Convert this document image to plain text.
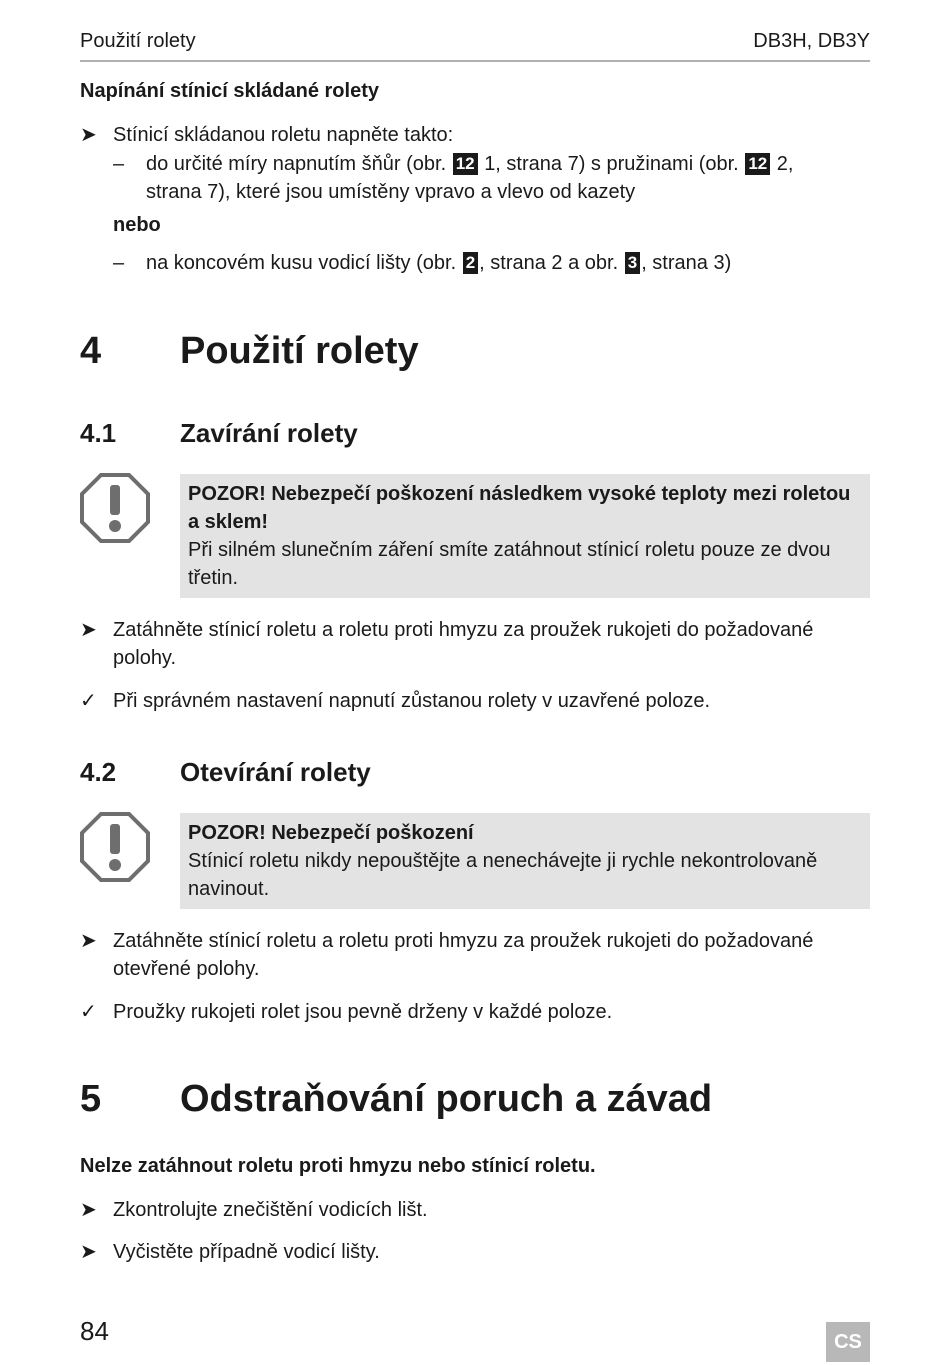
Použití rolety	DB3H, DB3Y
Napínání stínicí skládané rolety
➤ Stínicí skládanou roletu napněte takto:
– do určité míry napnutím šňůr (obr. 12 1, strana 7) s pružinami (obr. 12 2,
strana 7), které jsou umístěny vpravo a vlevo od kazety
nebo
– na koncovém kusu vodicí lišty (obr. 2 , strana 2 a obr. 3 , strana 3)
4 Použití rolety
4.1 Zavírání rolety
POZOR! Nebezpečí poškození následkem vysoké teploty mezi roletou a sklem!
Při silném slunečním záření smíte zatáhnout stínicí roletu pouze ze dvou třetin.
➤ Zatáhněte stínicí roletu a roletu proti hmyzu za proužek rukojeti do požadované polohy.
✓ Při správném nastavení napnutí zůstanou rolety v uzavřené poloze.
4.2 Otevírání rolety
POZOR! Nebezpečí poškození
Stínicí roletu nikdy nepouštějte a nenechávejte ji rychle nekontrolovaně navinout.
➤ Zatáhněte stínicí roletu a roletu proti hmyzu za proužek rukojeti do požadované otevřené polohy.
✓ Proužky rukojeti rolet jsou pevně drženy v každé poloze.
5 Odstraňování poruch a závad
Nelze zatáhnout roletu proti hmyzu nebo stínicí roletu.
➤ Zkontrolujte znečištění vodicích lišt.
➤ Vyčistěte případně vodicí lišty.
84	CS
